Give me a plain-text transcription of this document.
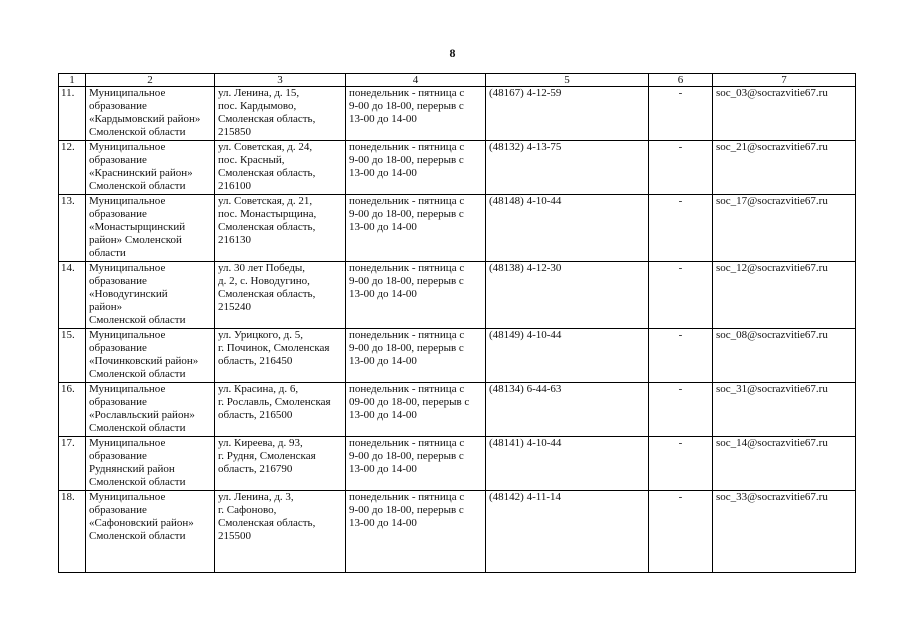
8
1	2	3	4	5	6	7
11.	Муниципальное
образование
«Кардымовский район»
Смоленской области	ул. Ленина, д. 15,
пос. Кардымово,
Смоленская область,
215850	понедельник - пятница с
9-00 до 18-00, перерыв с
13-00 до 14-00	(48167) 4-12-59	-	soc_03@socrazvitie67.ru
12.	Муниципальное
образование
«Краснинский район»
Смоленской области	ул. Советская, д. 24,
пос. Красный,
Смоленская область,
216100	понедельник - пятница с
9-00 до 18-00, перерыв с
13-00 до 14-00	(48132) 4-13-75	-	soc_21@socrazvitie67.ru
13.	Муниципальное
образование
«Монастырщинский
район» Смоленской
области	ул. Советская, д. 21,
пос. Монастырщина,
Смоленская область,
216130	понедельник - пятница с
9-00 до 18-00, перерыв с
13-00 до 14-00	(48148) 4-10-44	-	soc_17@socrazvitie67.ru
14.	Муниципальное
образование
«Новодугинский
район»
Смоленской области	ул. 30 лет Победы,
д. 2, с. Новодугино,
Смоленская область,
215240	понедельник - пятница с
9-00 до 18-00, перерыв с
13-00 до 14-00	(48138) 4-12-30	-	soc_12@socrazvitie67.ru
15.	Муниципальное
образование
«Починковский район»
Смоленской области	ул. Урицкого, д. 5,
г. Починок, Смоленская
область, 216450	понедельник - пятница с
9-00 до 18-00, перерыв с
13-00 до 14-00	(48149) 4-10-44	-	soc_08@socrazvitie67.ru
16.	Муниципальное
образование
«Рославльский район»
Смоленской области	ул. Красина, д. 6,
г. Рославль, Смоленская
область, 216500	понедельник - пятница с
09-00 до 18-00, перерыв с
13-00 до 14-00	(48134) 6-44-63	-	soc_31@socrazvitie67.ru
17.	Муниципальное
образование
Руднянский район
Смоленской области	ул. Киреева, д. 93,
г. Рудня, Смоленская
область, 216790	понедельник - пятница с
9-00 до 18-00, перерыв с
13-00 до 14-00	(48141) 4-10-44	-	soc_14@socrazvitie67.ru
18.	Муниципальное
образование
«Сафоновский район»
Смоленской области	ул. Ленина, д. 3,
г. Сафоново,
Смоленская область,
215500	понедельник - пятница с
9-00 до 18-00, перерыв с
13-00 до 14-00	(48142) 4-11-14	-	soc_33@socrazvitie67.ru
